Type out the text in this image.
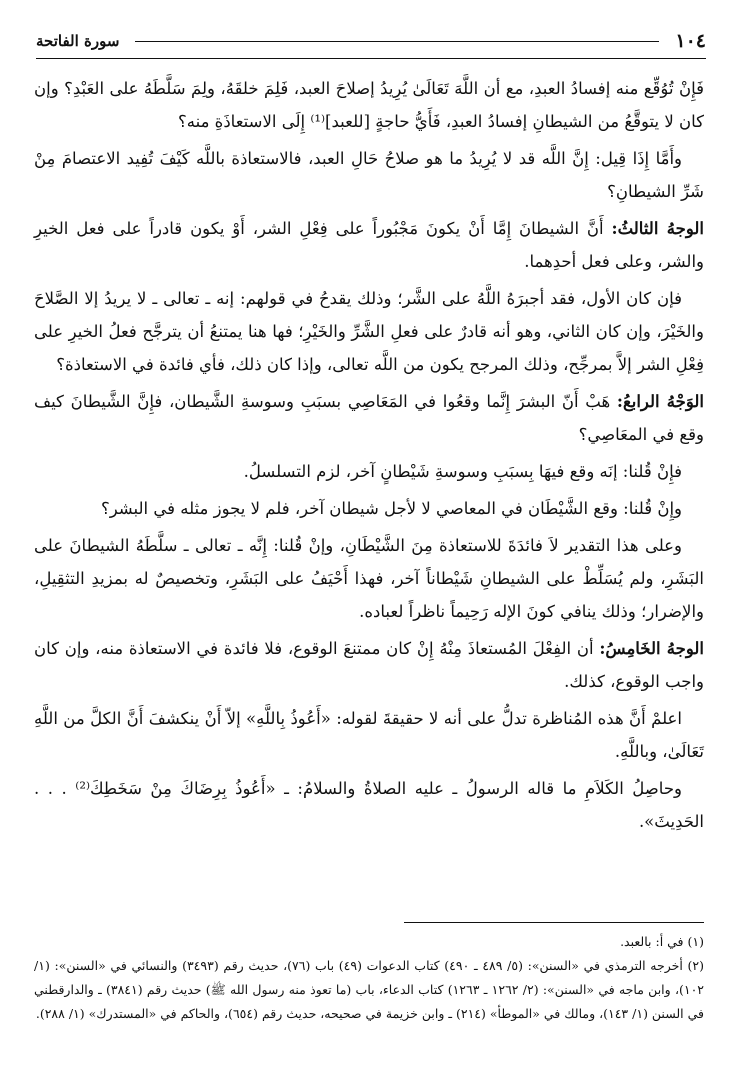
١٠٤
سورة الفاتحة

فَإِنْ تُوُقِّع منه إفسادُ العبدِ، مع أن اللَّهَ تَعَالَىٰ يُرِيدُ إصلاحَ العبد، فَلِمَ خلقَهُ، ولِمَ سَلَّطَهُ على العَبْدِ؟ وإن كان لا يتوقَّعُ من الشيطانِ إفسادُ العبدِ، فَأَيُّ حاجةٍ [للعبد]⁽¹⁾ إِلَى الاستعاذَةِ منه؟

وأَمَّا إِذَا قِيل: إِنَّ اللَّه قد لا يُرِيدُ ما هو صلاحُ حَالِ العبد، فالاستعاذة باللَّه كَيْفَ تُفِيد الاعتصامَ مِنْ شَرِّ الشيطانِ؟

الوجهُ الثالثُ: أَنَّ الشيطانَ إِمَّا أَنْ يكونَ مَجْبُوراً على فِعْلِ الشر، أَوْ يكون قادراً على فعل الخيرِ والشر، وعلى فعل أحدِهما.

فإن كان الأول، فقد أجبرَهُ اللَّهُ على الشَّر؛ وذلك يقدحُ في قولهم: إنه ـ تعالى ـ لا يريدُ إلا الصَّلاحَ والخَيْرَ، وإن كان الثاني، وهو أنه قادرٌ على فعلِ الشَّرِّ والخَيْرِ؛ فها هنا يمتنعُ أن يترجَّح فعلُ الخيرِ على فِعْلِ الشر إلاَّ بمرجِّح، وذلك المرجح يكون من اللَّه تعالى، وإذا كان ذلك، فأي فائدة في الاستعاذة؟

الوَجْهُ الرابعُ: هَبْ أَنّ البشرَ إِنَّما وقعُوا في المَعَاصِي بسبَبِ وسوسةِ الشَّيطان، فإِنَّ الشَّيطانَ كيف وقع في المعَاصِي؟

فإِنْ قُلنا: إنَه وقع فيهَا بِسبَبِ وسوسةِ شَيْطانٍ آخر، لزم التسلسلُ.

وإِنْ قُلنا: وقع الشَّيْطَان في المعاصي لا لأجل شيطان آخر، فلم لا يجوز مثله في البشر؟

وعلى هذا التقدير لاَ فائدَةَ للاستعاذة مِنَ الشَّيْطَانِ، وإنْ قُلنا: إِنَّه ـ تعالى ـ سلَّطَهُ الشيطانَ على البَشَرِ، ولم يُسَلِّطْ على الشيطانِ شَيْطاناً آخر، فهذا أَحْيَفُ على البَشَرِ، وتخصيصٌ له بمزيدِ التثقِيلِ، والإضرار؛ وذلك ينافي كونَ الإله رَحِيماً ناظراً لعباده.

الوجهُ الخَامِسُ: أن الفِعْلَ المُستعاذَ مِنْهُ إِنْ كان ممتنعَ الوقوع، فلا فائدة في الاستعاذة منه، وإن كان واجب الوقوع، كذلك.

اعلمْ أَنَّ هذه المُناظرة تدلُّ على أنه لا حقيقةَ لقوله: «أَعُوذُ بِاللَّهِ» إلاّ أَنْ ينكشفَ أَنَّ الكلَّ من اللَّهِ تَعَالَىٰ، وباللَّهِ.

وحاصِلُ الكَلاَمِ ما قاله الرسولُ ـ عليه الصلاةُ والسلامُ: ـ «أَعُوذُ بِرِضَاكَ مِنْ سَخَطِكَ⁽²⁾ . . . الحَدِيثَ».

(١) في أ: بالعبد.

(٢) أخرجه الترمذي في «السنن»: (٥/ ٤٨٩ ـ ٤٩٠) كتاب الدعوات (٤٩) باب (٧٦)، حديث رقم (٣٤٩٣) والنسائي في «السنن»: (١/ ١٠٢)، وابن ماجه في «السنن»: (٢/ ١٢٦٢ ـ ١٢٦٣) كتاب الدعاء، باب (ما تعوذ منه رسول الله ﷺ) حديث رقم (٣٨٤١) ـ والدارقطني في السنن (١/ ١٤٣)، ومالك في «الموطأ» (٢١٤) ـ وابن خزيمة في صحيحه، حديث رقم (٦٥٤)، والحاكم في «المستدرك» (١/ ٢٨٨).
